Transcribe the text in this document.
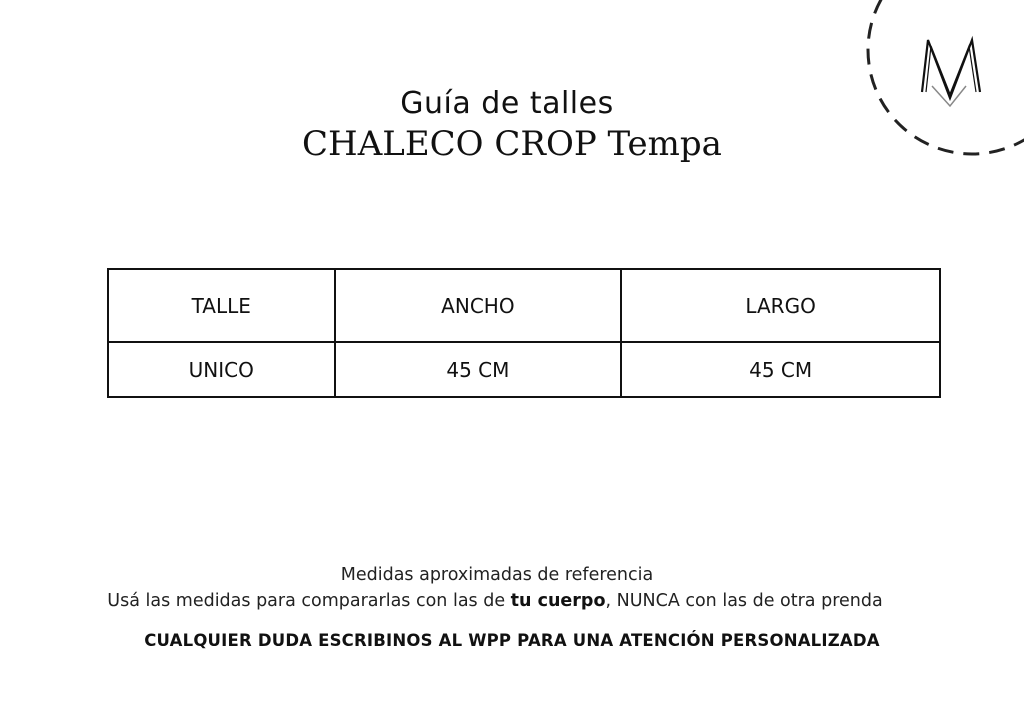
Guía de talles
CHALECO CROP Tempa
TALLE	ANCHO	LARGO
UNICO	45 CM	45 CM
Medidas aproximadas de referencia
Usá las medidas para compararlas con las de tu cuerpo, NUNCA con las de otra prenda
CUALQUIER DUDA ESCRIBINOS AL WPP PARA UNA ATENCIÓN PERSONALIZADA
